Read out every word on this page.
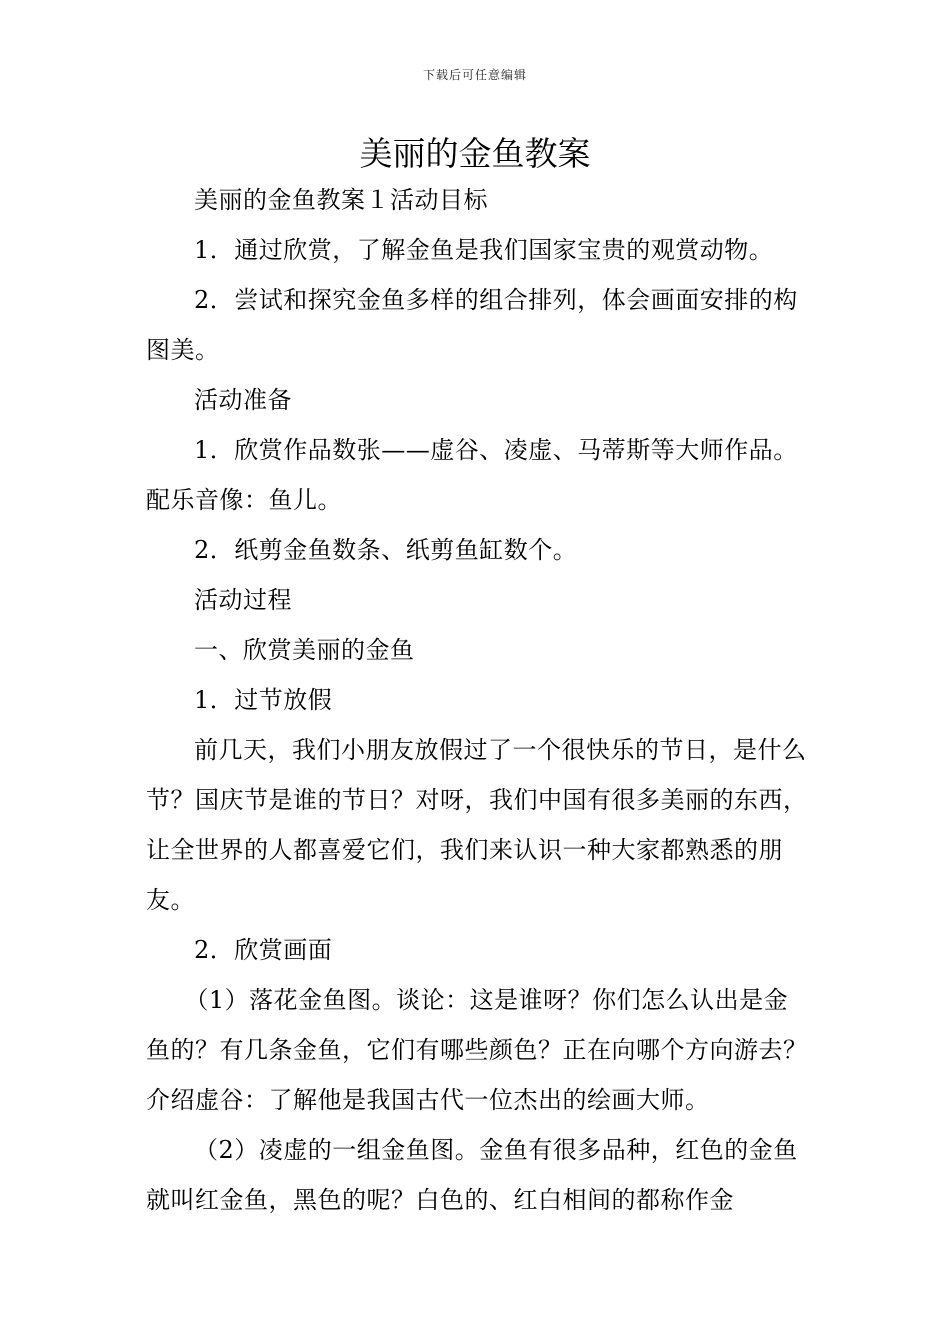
下载后可任意编辑
美丽的金鱼教案

美丽的金鱼教案１活动目标

1．通过欣赏，了解金鱼是我们国家宝贵的观赏动物。

2．尝试和探究金鱼多样的组合排列，体会画面安排的构图美。

活动准备

1．欣赏作品数张——虚谷、凌虚、马蒂斯等大师作品。配乐音像：鱼儿。

2．纸剪金鱼数条、纸剪鱼缸数个。

活动过程

一、欣赏美丽的金鱼

1．过节放假

前几天，我们小朋友放假过了一个很快乐的节日，是什么节？国庆节是谁的节日？对呀，我们中国有很多美丽的东西，让全世界的人都喜爱它们，我们来认识一种大家都熟悉的朋友。

2．欣赏画面

（1）落花金鱼图。谈论：这是谁呀？你们怎么认出是金鱼的？有几条金鱼，它们有哪些颜色？正在向哪个方向游去？介绍虚谷：了解他是我国古代一位杰出的绘画大师。

（2）凌虚的一组金鱼图。金鱼有很多品种，红色的金鱼就叫红金鱼，黑色的呢？白色的、红白相间的都称作金
